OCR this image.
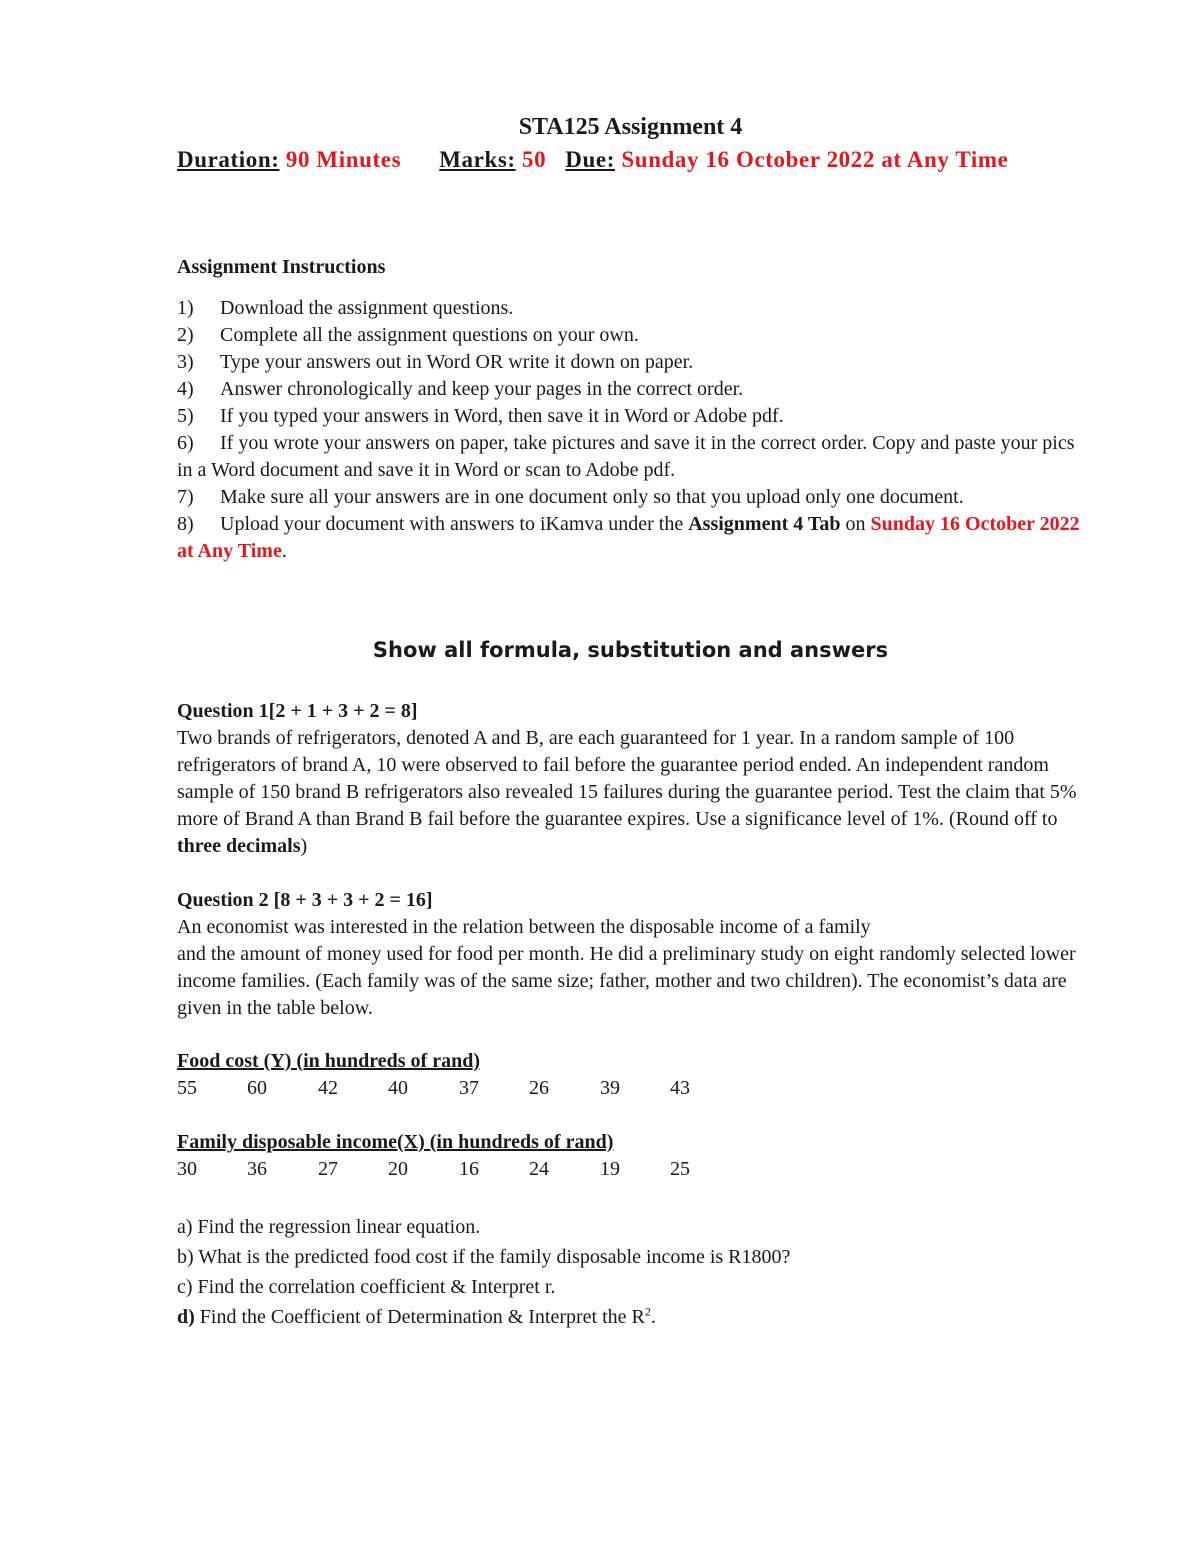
STA125 Assignment 4
Duration: 90 Minutes Marks: 50 Due: Sunday 16 October 2022 at Any Time
Assignment Instructions
1) Download the assignment questions.
2) Complete all the assignment questions on your own.
3) Type your answers out in Word OR write it down on paper.
4) Answer chronologically and keep your pages in the correct order.
5) If you typed your answers in Word, then save it in Word or Adobe pdf.
6) If you wrote your answers on paper, take pictures and save it in the correct order. Copy and paste your pics in a Word document and save it in Word or scan to Adobe pdf.
7) Make sure all your answers are in one document only so that you upload only one document.
8) Upload your document with answers to iKamva under the Assignment 4 Tab on Sunday 16 October 2022 at Any Time.
Show all formula, substitution and answers
Question 1[2 + 1 + 3 + 2 = 8]
Two brands of refrigerators, denoted A and B, are each guaranteed for 1 year. In a random sample of 100 refrigerators of brand A, 10 were observed to fail before the guarantee period ended. An independent random sample of 150 brand B refrigerators also revealed 15 failures during the guarantee period. Test the claim that 5% more of Brand A than Brand B fail before the guarantee expires. Use a significance level of 1%. (Round off to three decimals)
Question 2 [8 + 3 + 3 + 2 = 16]
An economist was interested in the relation between the disposable income of a family
and the amount of money used for food per month. He did a preliminary study on eight randomly selected lower income families. (Each family was of the same size; father, mother and two children). The economist’s data are given in the table below.
Food cost (Y) (in hundreds of rand)
55	60	42	40	37	26	39	43
Family disposable income(X) (in hundreds of rand)
30	36	27	20	16	24	19	25
a) Find the regression linear equation.
b) What is the predicted food cost if the family disposable income is R1800?
c) Find the correlation coefficient & Interpret r.
d) Find the Coefficient of Determination & Interpret the $R^2$.
